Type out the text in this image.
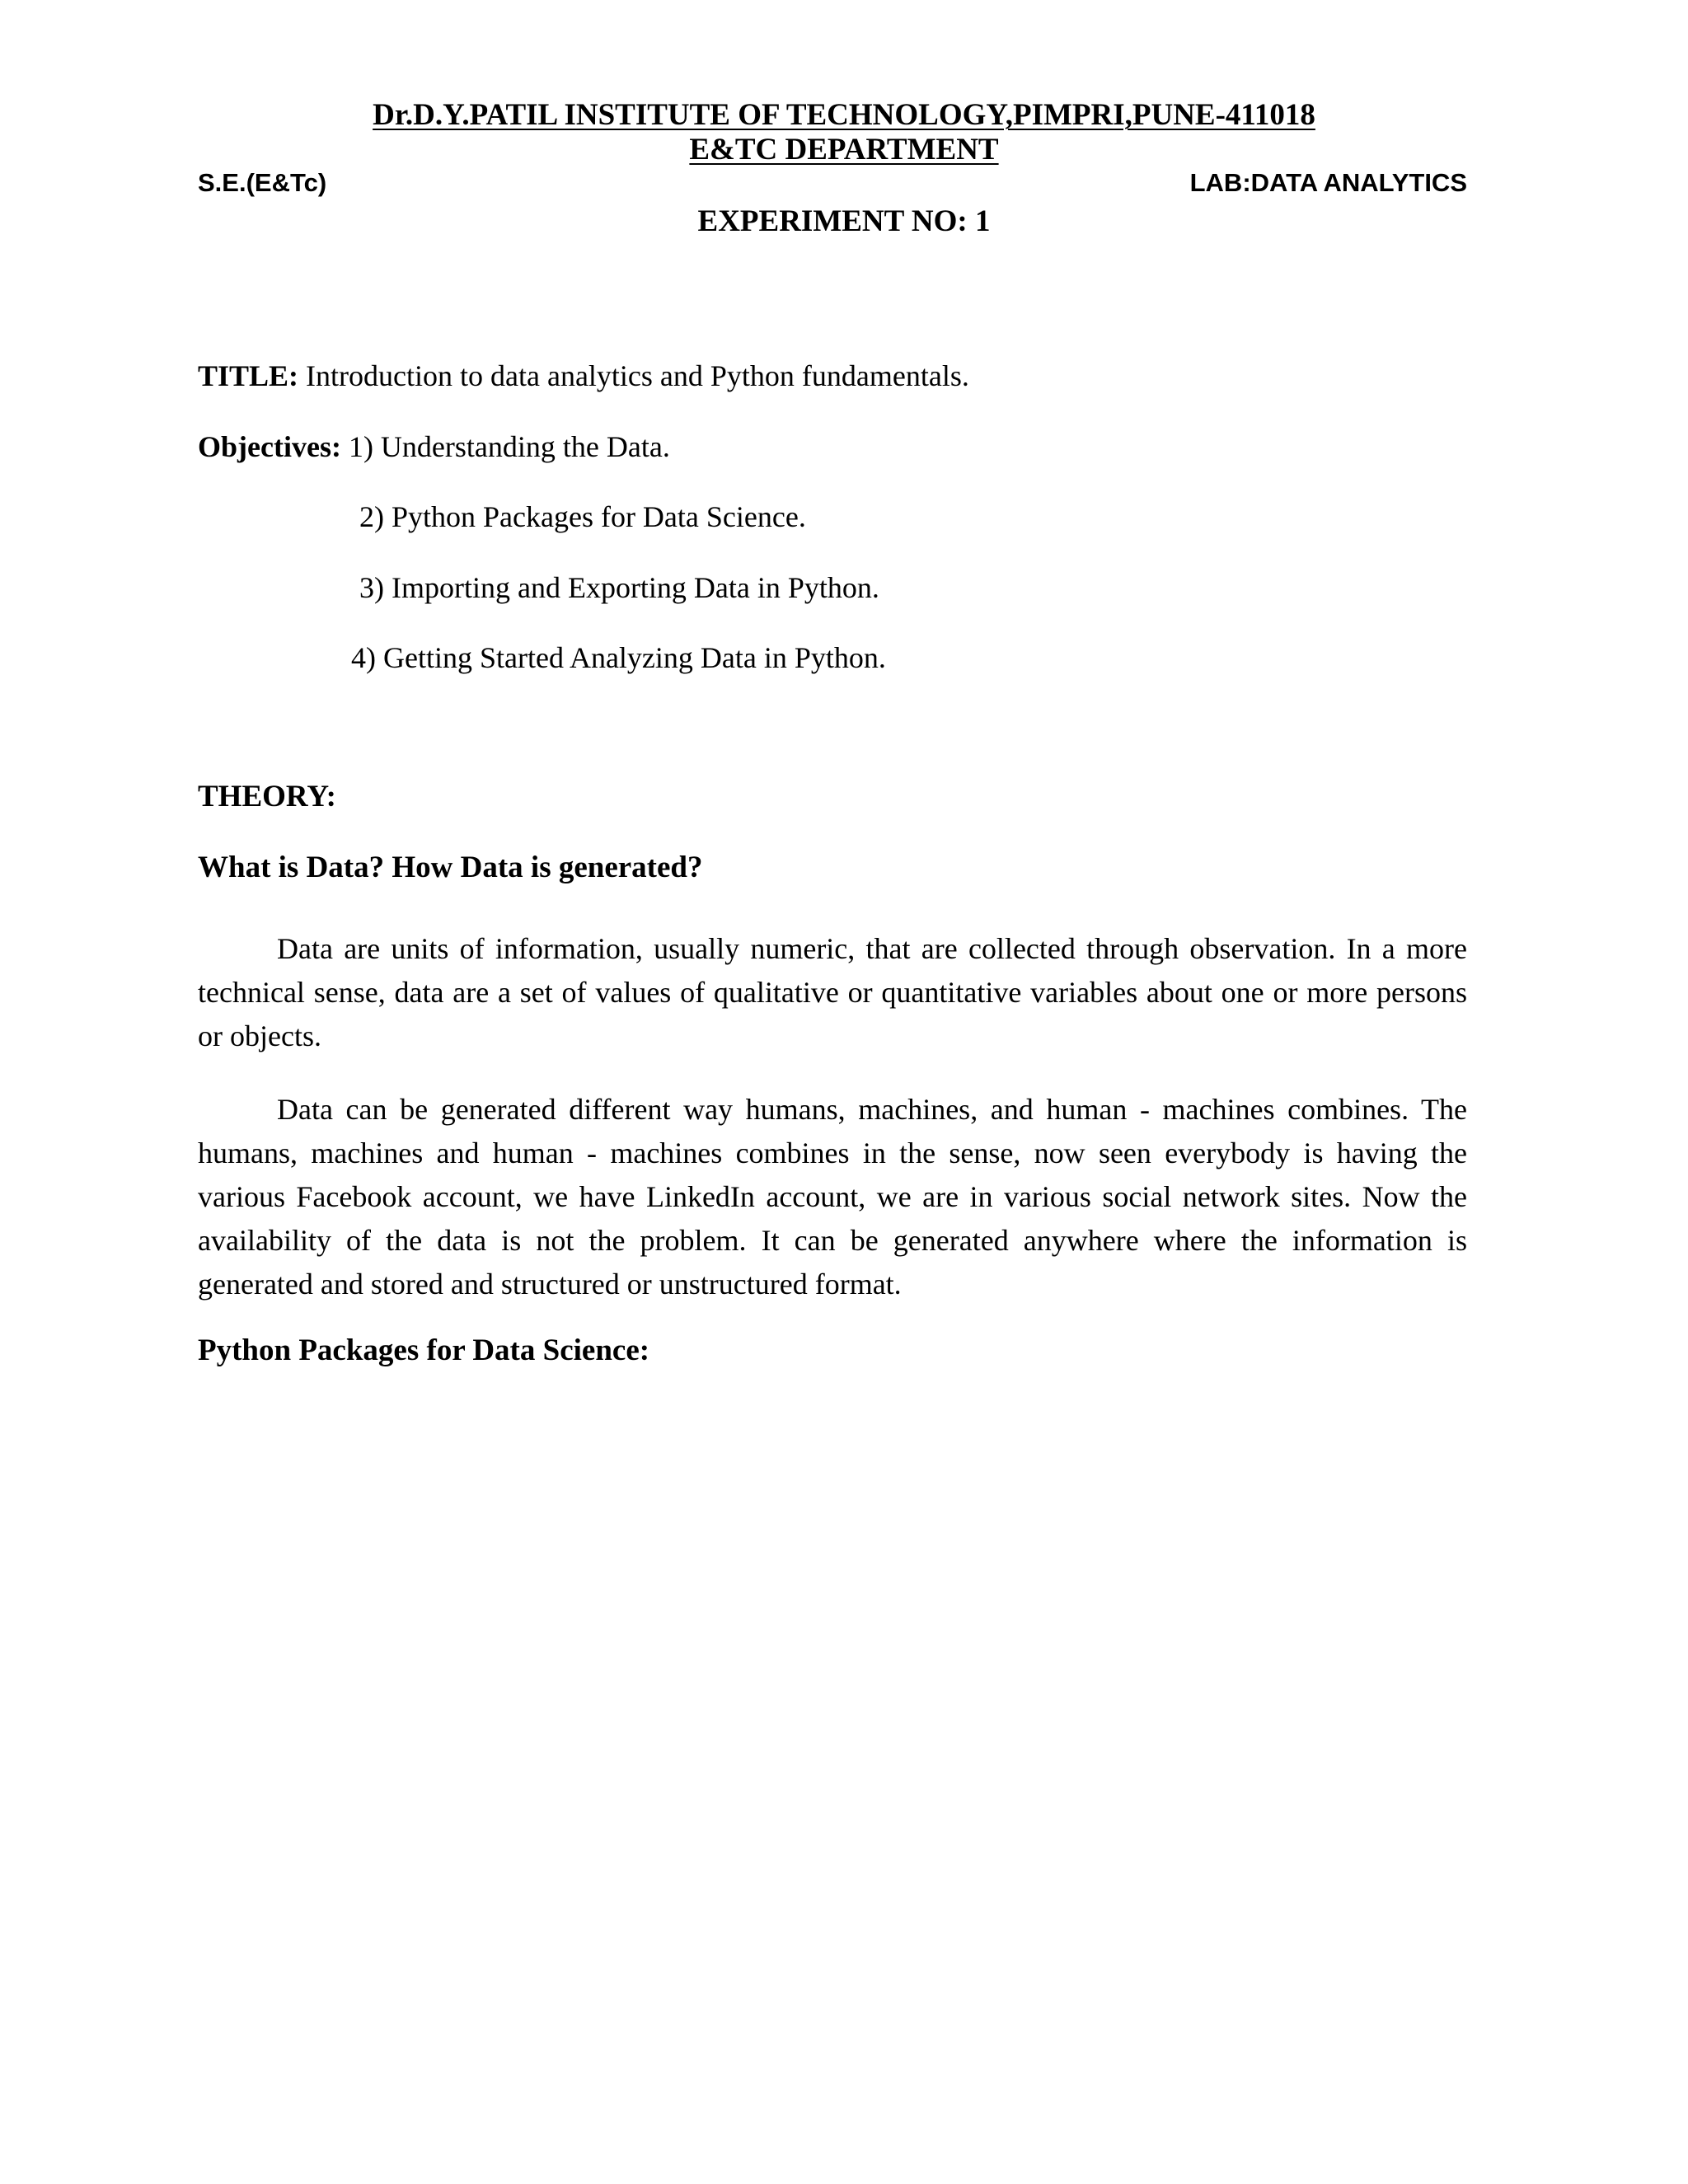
Dr.D.Y.PATIL INSTITUTE OF TECHNOLOGY,PIMPRI,PUNE-411018
E&TC DEPARTMENT
S.E.(E&Tc)	LAB:DATA ANALYTICS
EXPERIMENT NO: 1
TITLE: Introduction to data analytics and Python fundamentals.
Objectives: 1) Understanding the Data.
2) Python Packages for Data Science.
3) Importing and Exporting Data in Python.
4) Getting Started Analyzing Data in Python.
THEORY:
What is Data? How Data is generated?
Data are units of information, usually numeric, that are collected through observation. In a more technical sense, data are a set of values of qualitative or quantitative variables about one or more persons or objects.
Data can be generated different way humans, machines, and human - machines combines. The humans, machines and human - machines combines in the sense, now seen everybody is having the various Facebook account, we have LinkedIn account, we are in various social network sites. Now the availability of the data is not the problem. It can be generated anywhere where the information is generated and stored and structured or unstructured format.
Python Packages for Data Science:
